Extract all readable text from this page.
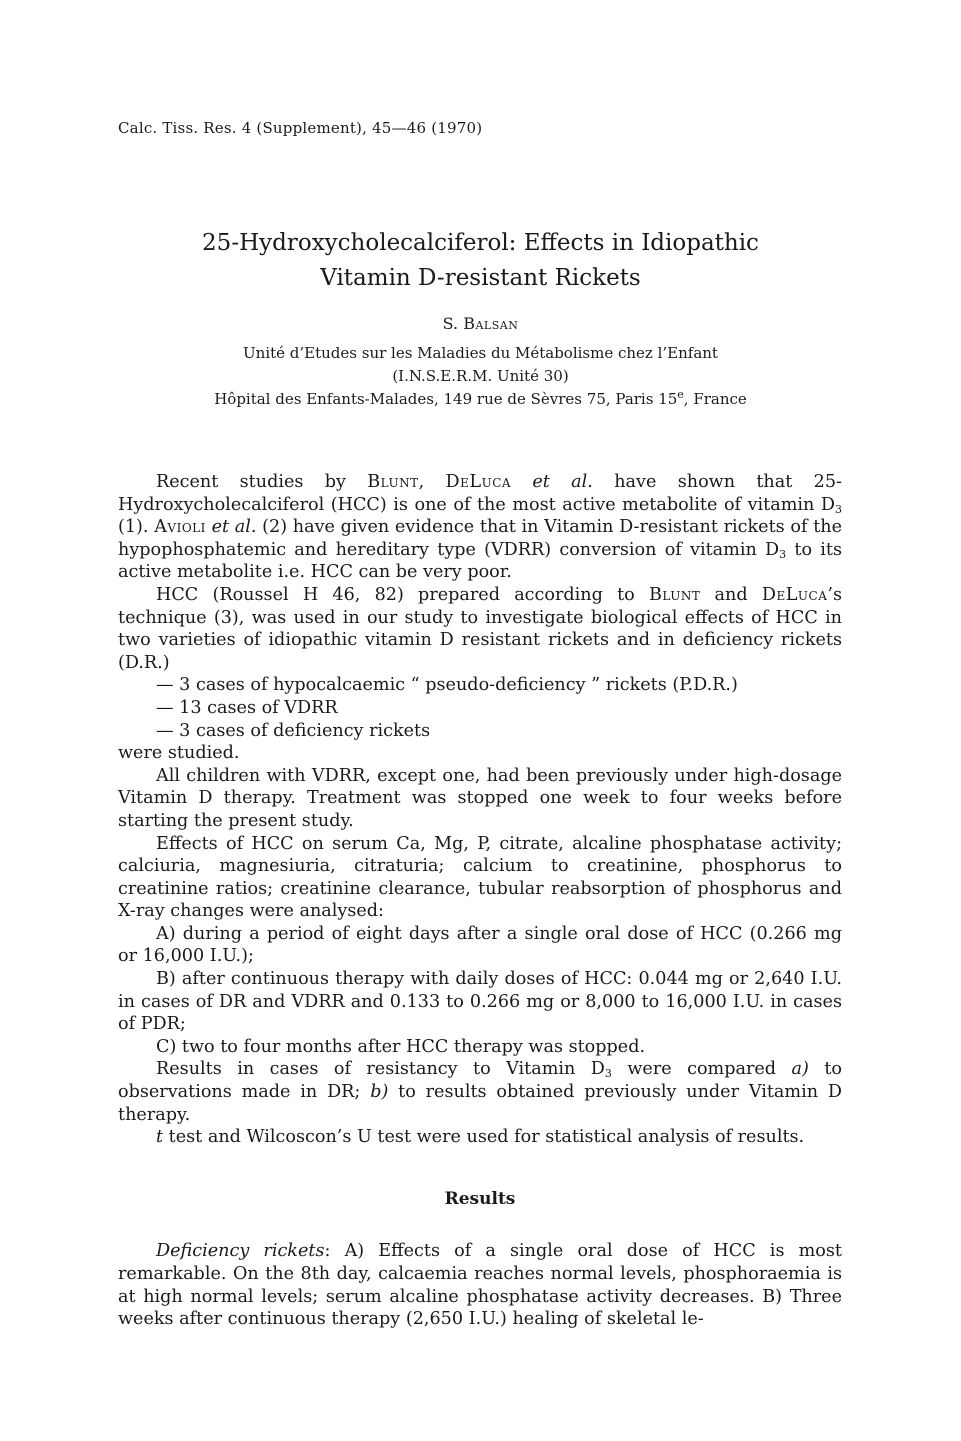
Calc. Tiss. Res. 4 (Supplement), 45—46 (1970)
25-Hydroxycholecalciferol: Effects in Idiopathic
Vitamin D-resistant Rickets
S. Balsan
Unité d’Etudes sur les Maladies du Métabolisme chez l’Enfant
(I.N.S.E.R.M. Unité 30)
Hôpital des Enfants-Malades, 149 rue de Sèvres 75, Paris 15e, France

Recent studies by Blunt, DeLuca et al. have shown that 25-Hydroxycholecalciferol (HCC) is one of the most active metabolite of vitamin $D_3$ (1). Avioli et al. (2) have given evidence that in Vitamin D-resistant rickets of the hypophosphatemic and hereditary type (VDRR) conversion of vitamin $D_3$ to its active metabolite i.e. HCC can be very poor.

HCC (Roussel H 46, 82) prepared according to Blunt and DeLuca’s technique (3), was used in our study to investigate biological effects of HCC in two varieties of idiopathic vitamin D resistant rickets and in deficiency rickets (D.R.)

— 3 cases of hypocalcaemic “ pseudo-deficiency ” rickets (P.D.R.)

— 13 cases of VDRR

— 3 cases of deficiency rickets

were studied.

All children with VDRR, except one, had been previously under high-dosage Vitamin D therapy. Treatment was stopped one week to four weeks before starting the present study.

Effects of HCC on serum Ca, Mg, P, citrate, alcaline phosphatase activity; calciuria, magnesiuria, citraturia; calcium to creatinine, phosphorus to creatinine ratios; creatinine clearance, tubular reabsorption of phosphorus and X-ray changes were analysed:

A) during a period of eight days after a single oral dose of HCC (0.266 mg or 16,000 I.U.);

B) after continuous therapy with daily doses of HCC: 0.044 mg or 2,640 I.U. in cases of DR and VDRR and 0.133 to 0.266 mg or 8,000 to 16,000 I.U. in cases of PDR;

C) two to four months after HCC therapy was stopped.

Results in cases of resistancy to Vitamin $D_3$ were compared a) to observations made in DR; b) to results obtained previously under Vitamin D therapy.

t test and Wilcoscon’s U test were used for statistical analysis of results.

Results

Deficiency rickets: A) Effects of a single oral dose of HCC is most remarkable. On the 8th day, calcaemia reaches normal levels, phosphoraemia is at high normal levels; serum alcaline phosphatase activity decreases. B) Three weeks after continuous therapy (2,650 I.U.) healing of skeletal le-
